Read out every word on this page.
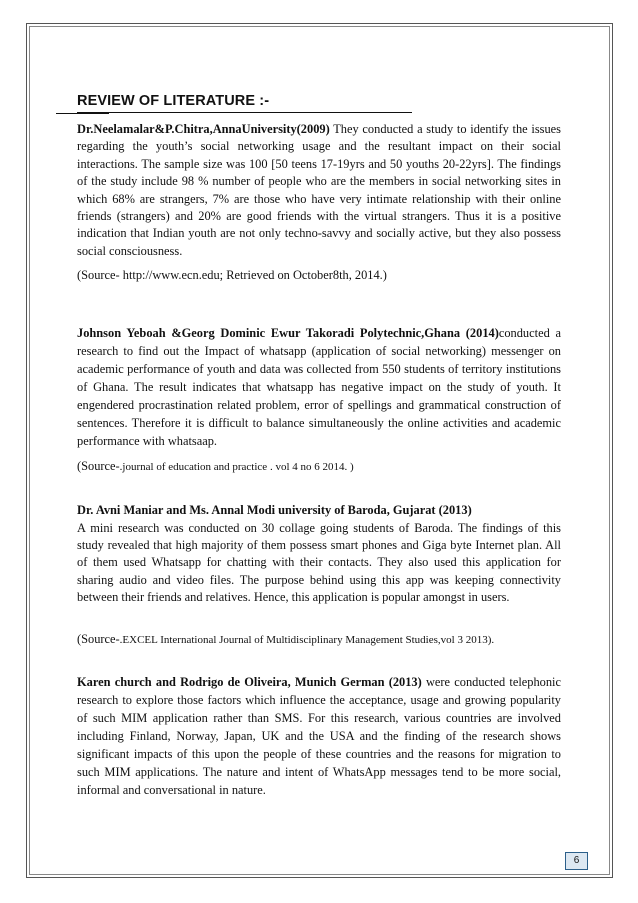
REVIEW OF LITERATURE :-

Dr.Neelamalar&P.Chitra,AnnaUniversity(2009) They conducted a study to identify the issues regarding the youth’s social networking usage and the resultant impact on their social interactions. The sample size was 100 [50 teens 17-19yrs and 50 youths 20-22yrs]. The findings of the study include 98 % number of people who are the members in social networking sites in which 68% are strangers, 7% are those who have very intimate relationship with their online friends (strangers) and 20% are good friends with the virtual strangers. Thus it is a positive indication that Indian youth are not only techno-savvy and socially active, but they also possess social consciousness.

(Source- http://www.ecn.edu; Retrieved on October8th, 2014.)

Johnson Yeboah &Georg Dominic Ewur Takoradi Polytechnic,Ghana (2014)conducted a research to find out the Impact of whatsapp (application of social networking) messenger on academic performance of youth and data was collected from 550 students of territory institutions of Ghana. The result indicates that whatsapp has negative impact on the study of youth. It engendered procrastination related problem, error of spellings and grammatical construction of sentences. Therefore it is difficult to balance simultaneously the online activities and academic performance with whatsaap.

(Source-.journal of education and practice . vol 4 no 6 2014. )

Dr. Avni Maniar and Ms. Annal Modi university of Baroda, Gujarat (2013)
A mini research was conducted on 30 collage going students of Baroda. The findings of this study revealed that high majority of them possess smart phones and Giga byte Internet plan. All of them used Whatsapp for chatting with their contacts. They also used this application for sharing audio and video files. The purpose behind using this app was keeping connectivity between their friends and relatives. Hence, this application is popular amongst in users.

(Source-.EXCEL International Journal of Multidisciplinary Management Studies,vol 3 2013).

Karen church and Rodrigo de Oliveira, Munich German (2013) were conducted telephonic research to explore those factors which influence the acceptance, usage and growing popularity of such MIM application rather than SMS. For this research, various countries are involved including Finland, Norway, Japan, UK and the USA and the finding of the research shows significant impacts of this upon the people of these countries and the reasons for migration to such MIM applications. The nature and intent of WhatsApp messages tend to be more social, informal and conversational in nature.

6
